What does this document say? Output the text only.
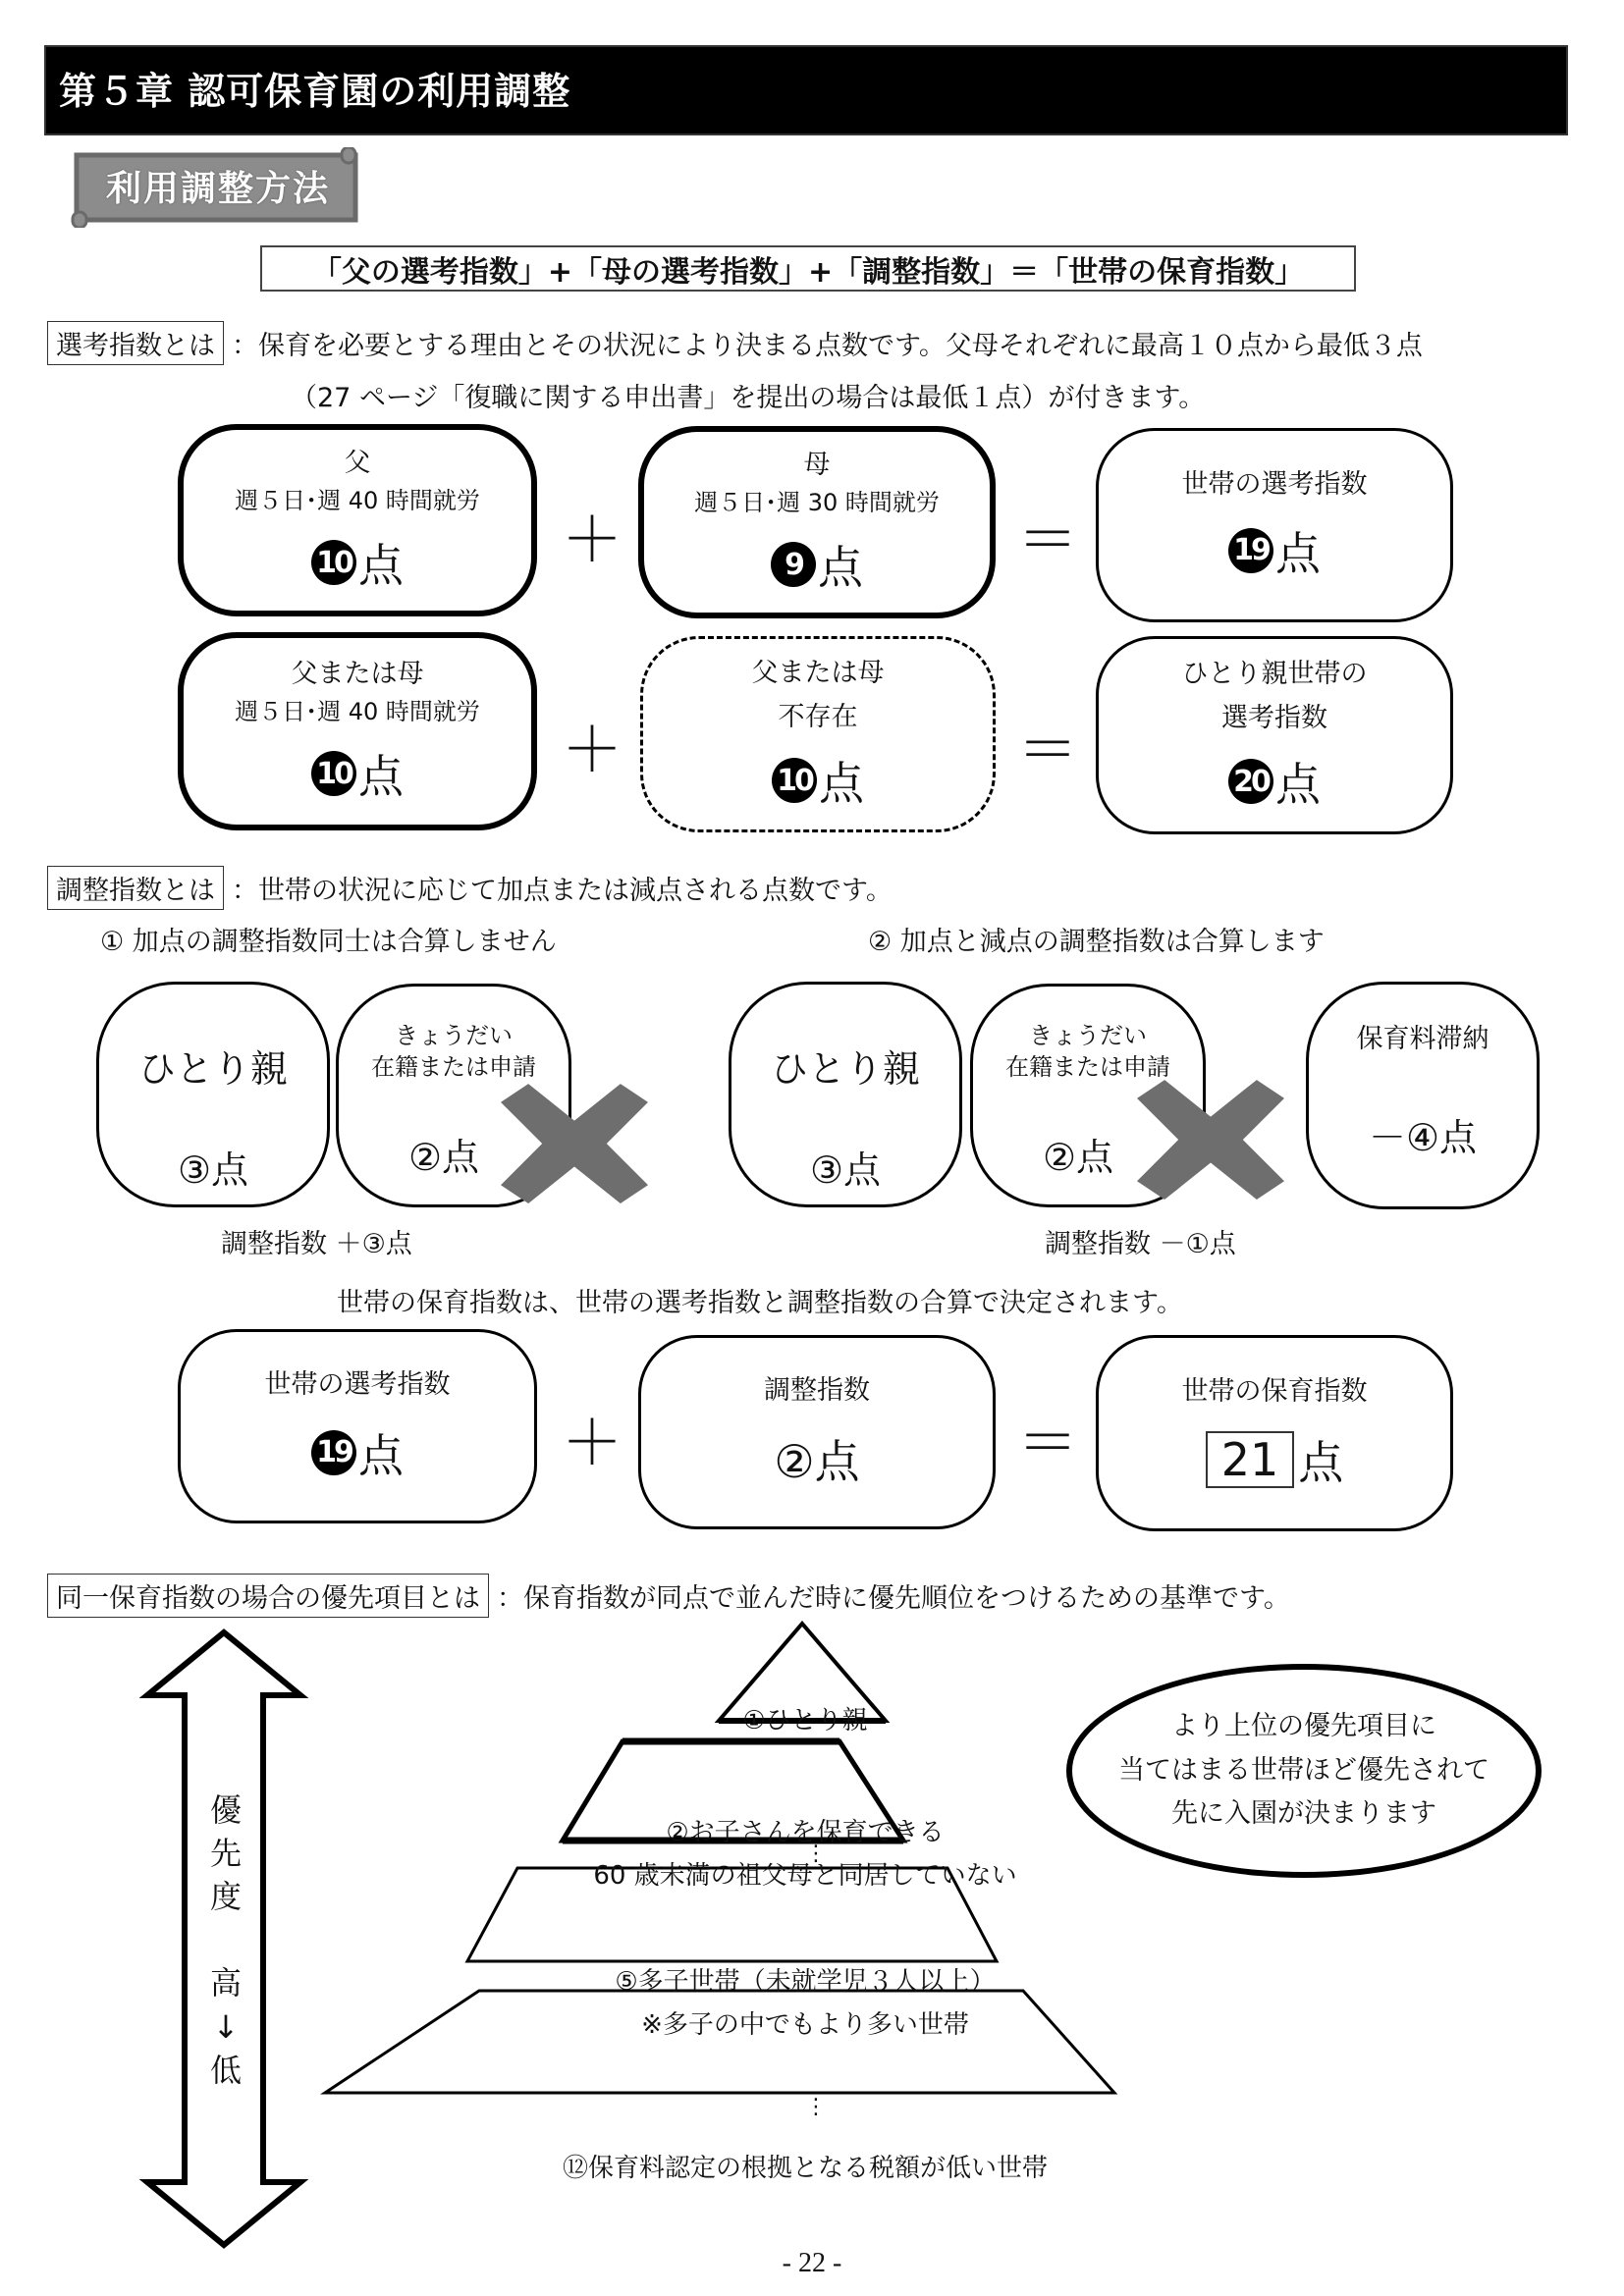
第５章 認可保育園の利用調整
利用調整方法
「父の選考指数」+「母の選考指数」+「調整指数」＝「世帯の保育指数」
選考指数とは ：保育を必要とする理由とその状況により決まる点数です。父母それぞれに最高１０点から最低３点
（27 ページ「復職に関する申出書」を提出の場合は最低１点）が付きます。
父
週５日･週 40 時間就労
10 点	＋
母
週５日･週 30 時間就労
9 点	＝
世帯の選考指数
19 点
父または母
週５日･週 40 時間就労
10 点	＋
父または母
不存在
10 点	＝
ひとり親世帯の
選考指数
20 点
調整指数とは ：世帯の状況に応じて加点または減点される点数です。
① 加点の調整指数同士は合算しません	② 加点と減点の調整指数は合算します
ひとり親
③点
きょうだい
在籍または申請
②点
調整指数 ＋③点
ひとり親
③点
きょうだい
在籍または申請
②点
保育料滞納
－④点
調整指数 －①点
世帯の保育指数は、世帯の選考指数と調整指数の合算で決定されます。
世帯の選考指数
19 点	＋
調整指数
②点	＝
世帯の保育指数
21 点
同一保育指数の場合の優先項目とは ：保育指数が同点で並んだ時に優先順位をつけるための基準です。
優
先
度
高
↓
低
①ひとり親
②お子さんを保育できる
60 歳未満の祖父母と同居していない
⋮
⑤多子世帯（未就学児３人以上）
※多子の中でもより多い世帯
⋮
⑫保育料認定の根拠となる税額が低い世帯
より上位の優先項目に
当てはまる世帯ほど優先されて
先に入園が決まります
- 22 -
